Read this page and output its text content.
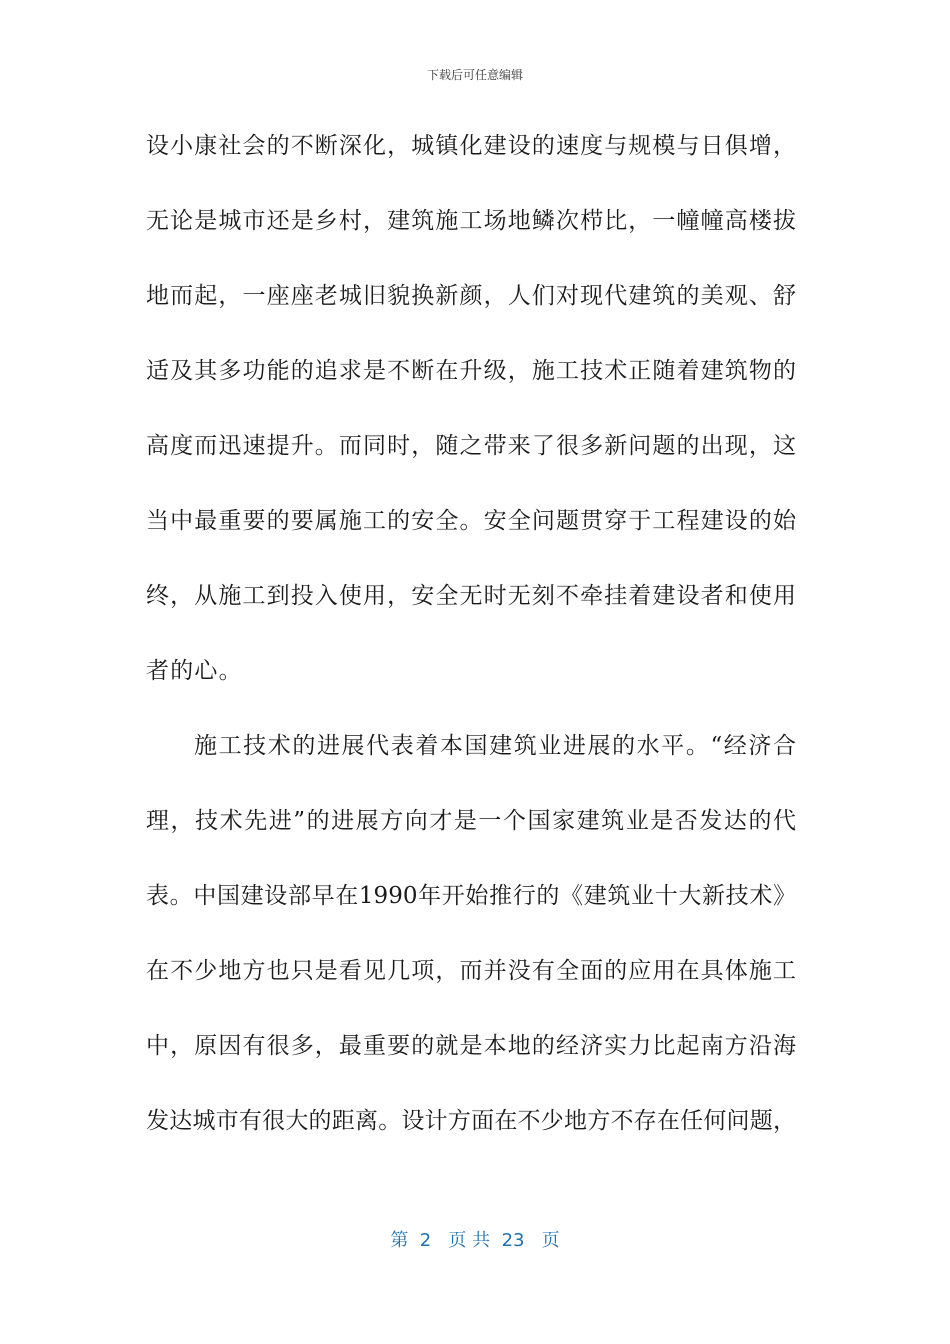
下载后可任意编辑
设小康社会的不断深化，城镇化建设的速度与规模与日俱增，
无论是城市还是乡村，建筑施工场地鳞次栉比，一幢幢高楼拔
地而起，一座座老城旧貌换新颜，人们对现代建筑的美观、舒
适及其多功能的追求是不断在升级，施工技术正随着建筑物的
高度而迅速提升。而同时，随之带来了很多新问题的出现，这
当中最重要的要属施工的安全。安全问题贯穿于工程建设的始
终，从施工到投入使用，安全无时无刻不牵挂着建设者和使用
者的心。
施工技术的进展代表着本国建筑业进展的水平。“经济合
理，技术先进”的进展方向才是一个国家建筑业是否发达的代
表。中国建设部早在1990年开始推行的《建筑业十大新技术》
在不少地方也只是看见几项，而并没有全面的应用在具体施工
中，原因有很多，最重要的就是本地的经济实力比起南方沿海
发达城市有很大的距离。设计方面在不少地方不存在任何问题，
第  2   页 共  23   页
